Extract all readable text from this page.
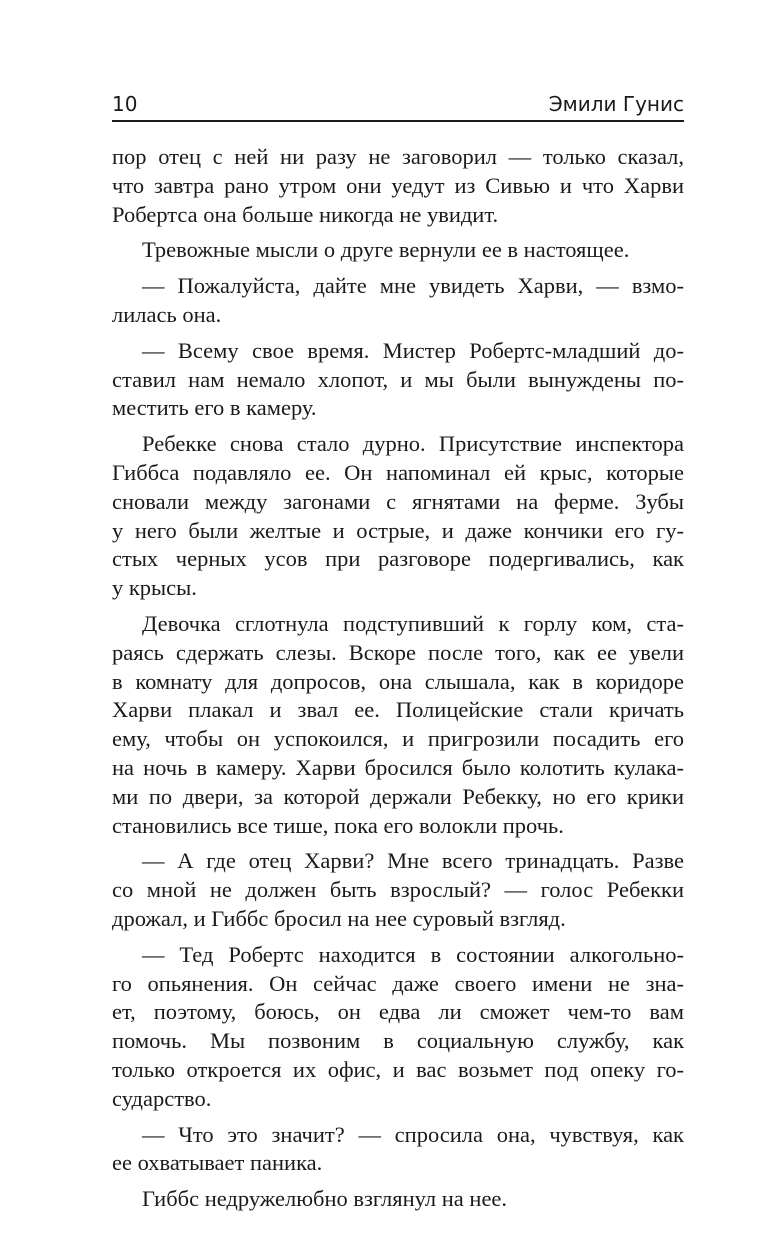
10	Эмили Гунис
пор отец с ней ни разу не заговорил — только сказал,
что завтра рано утром они уедут из Сивью и что Харви
Робертса она больше никогда не увидит.
Тревожные мысли о друге вернули ее в настоящее.
— Пожалуйста, дайте мне увидеть Харви, — взмо-
лилась она.
— Всему свое время. Мистер Робертс-младший до-
ставил нам немало хлопот, и мы были вынуждены по-
местить его в камеру.
Ребекке снова стало дурно. Присутствие инспектора
Гиббса подавляло ее. Он напоминал ей крыс, которые
сновали между загонами с ягнятами на ферме. Зубы
у него были желтые и острые, и даже кончики его гу-
стых черных усов при разговоре подергивались, как
у крысы.
Девочка сглотнула подступивший к горлу ком, ста-
раясь сдержать слезы. Вскоре после того, как ее увели
в комнату для допросов, она слышала, как в коридоре
Харви плакал и звал ее. Полицейские стали кричать
ему, чтобы он успокоился, и пригрозили посадить его
на ночь в камеру. Харви бросился было колотить кулака-
ми по двери, за которой держали Ребекку, но его крики
становились все тише, пока его волокли прочь.
— А где отец Харви? Мне всего тринадцать. Разве
со мной не должен быть взрослый? — голос Ребекки
дрожал, и Гиббс бросил на нее суровый взгляд.
— Тед Робертс находится в состоянии алкогольно-
го опьянения. Он сейчас даже своего имени не зна-
ет, поэтому, боюсь, он едва ли сможет чем-то вам
помочь. Мы позвоним в социальную службу, как
только откроется их офис, и вас возьмет под опеку го-
сударство.
— Что это значит? — спросила она, чувствуя, как
ее охватывает паника.
Гиббс недружелюбно взглянул на нее.
